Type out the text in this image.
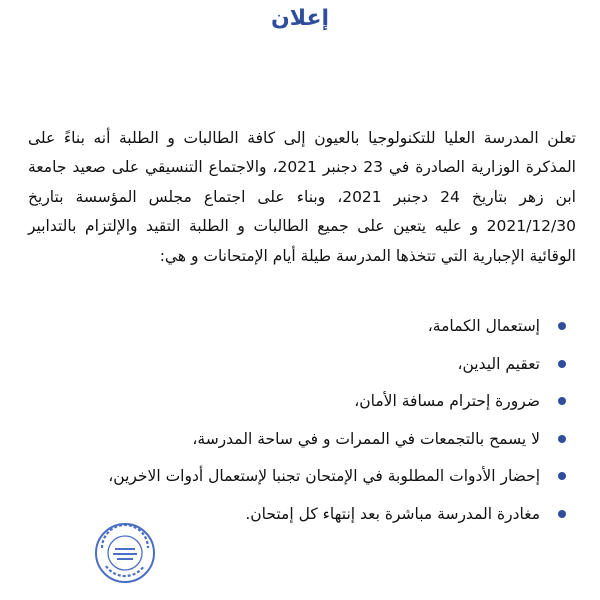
إعلان

تعلن المدرسة العليا للتكنولوجيا بالعيون إلى كافة الطالبات و الطلبة أنه بناءً على المذكرة الوزارية الصادرة في 23 دجنبر 2021، والاجتماع التنسيقي على صعيد جامعة ابن زهر بتاريخ 24 دجنبر 2021، وبناء على اجتماع مجلس المؤسسة بتاريخ 2021/12/30 و عليه يتعين على جميع الطالبات و الطلبة التقيد والإلتزام بالتدابير الوقائية الإجبارية التي تتخذها المدرسة طيلة أيام الإمتحانات و هي:

إستعمال الكمامة،
تعقيم اليدين،
ضرورة إحترام مسافة الأمان،
لا يسمح بالتجمعات في الممرات و في ساحة المدرسة،
إحضار الأدوات المطلوبة في الإمتحان تجنبا لإستعمال أدوات الاخرين،
مغادرة المدرسة مباشرة بعد إنتهاء كل إمتحان.
